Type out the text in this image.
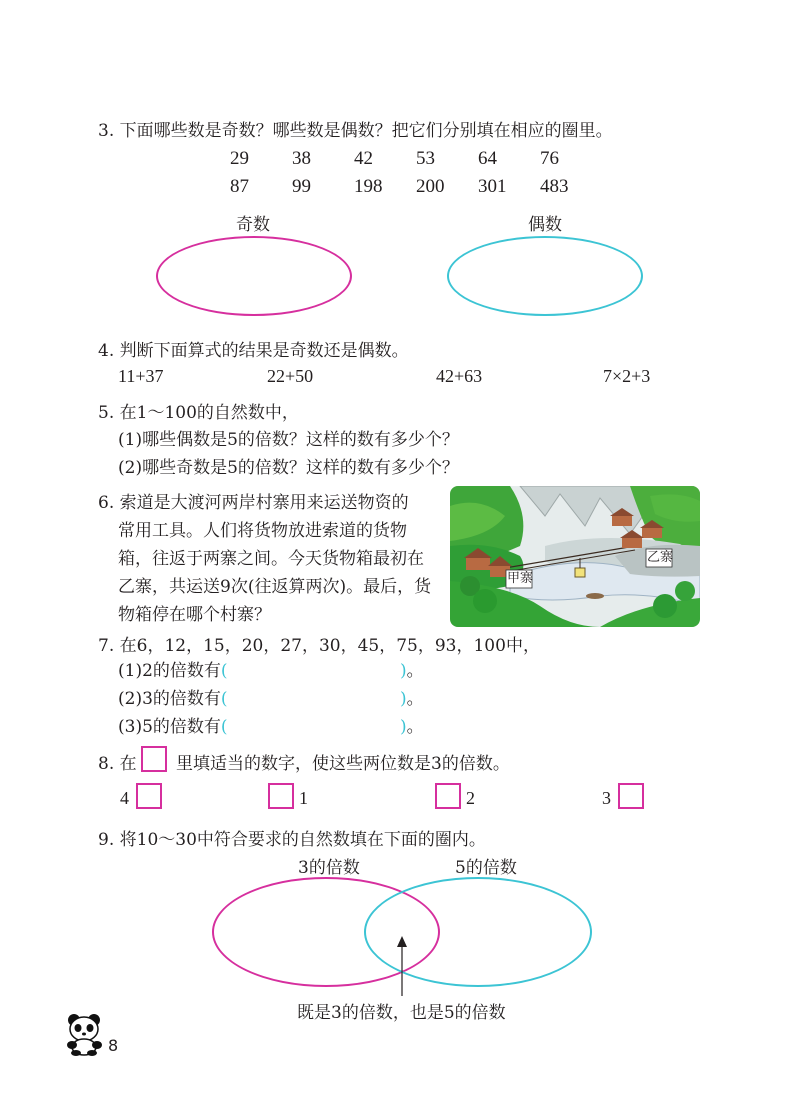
3. 下面哪些数是奇数？哪些数是偶数？把它们分别填在相应的圈里。
29 38 42 53 64 76
87 99 198 200 301 483
奇数	偶数
4. 判断下面算式的结果是奇数还是偶数。
11+37	22+50	42+63	7×2+3
5. 在1～100的自然数中，
(1)哪些偶数是5的倍数？这样的数有多少个？
(2)哪些奇数是5的倍数？这样的数有多少个？
6. 索道是大渡河两岸村寨用来运送物资的
常用工具。人们将货物放进索道的货物
箱，往返于两寨之间。今天货物箱最初在
乙寨，共运送9次(往返算两次)。最后，货
物箱停在哪个村寨？
甲寨
乙寨
7. 在6，12，15，20，27，30，45，75，93，100中，
(1)2的倍数有(	)。
(2)3的倍数有(	)。
(3)5的倍数有(	)。
8. 在 里填适当的数字，使这些两位数是3的倍数。
4	1	2	3
9. 将10～30中符合要求的自然数填在下面的圈内。
3的倍数	5的倍数
既是3的倍数，也是5的倍数
8
